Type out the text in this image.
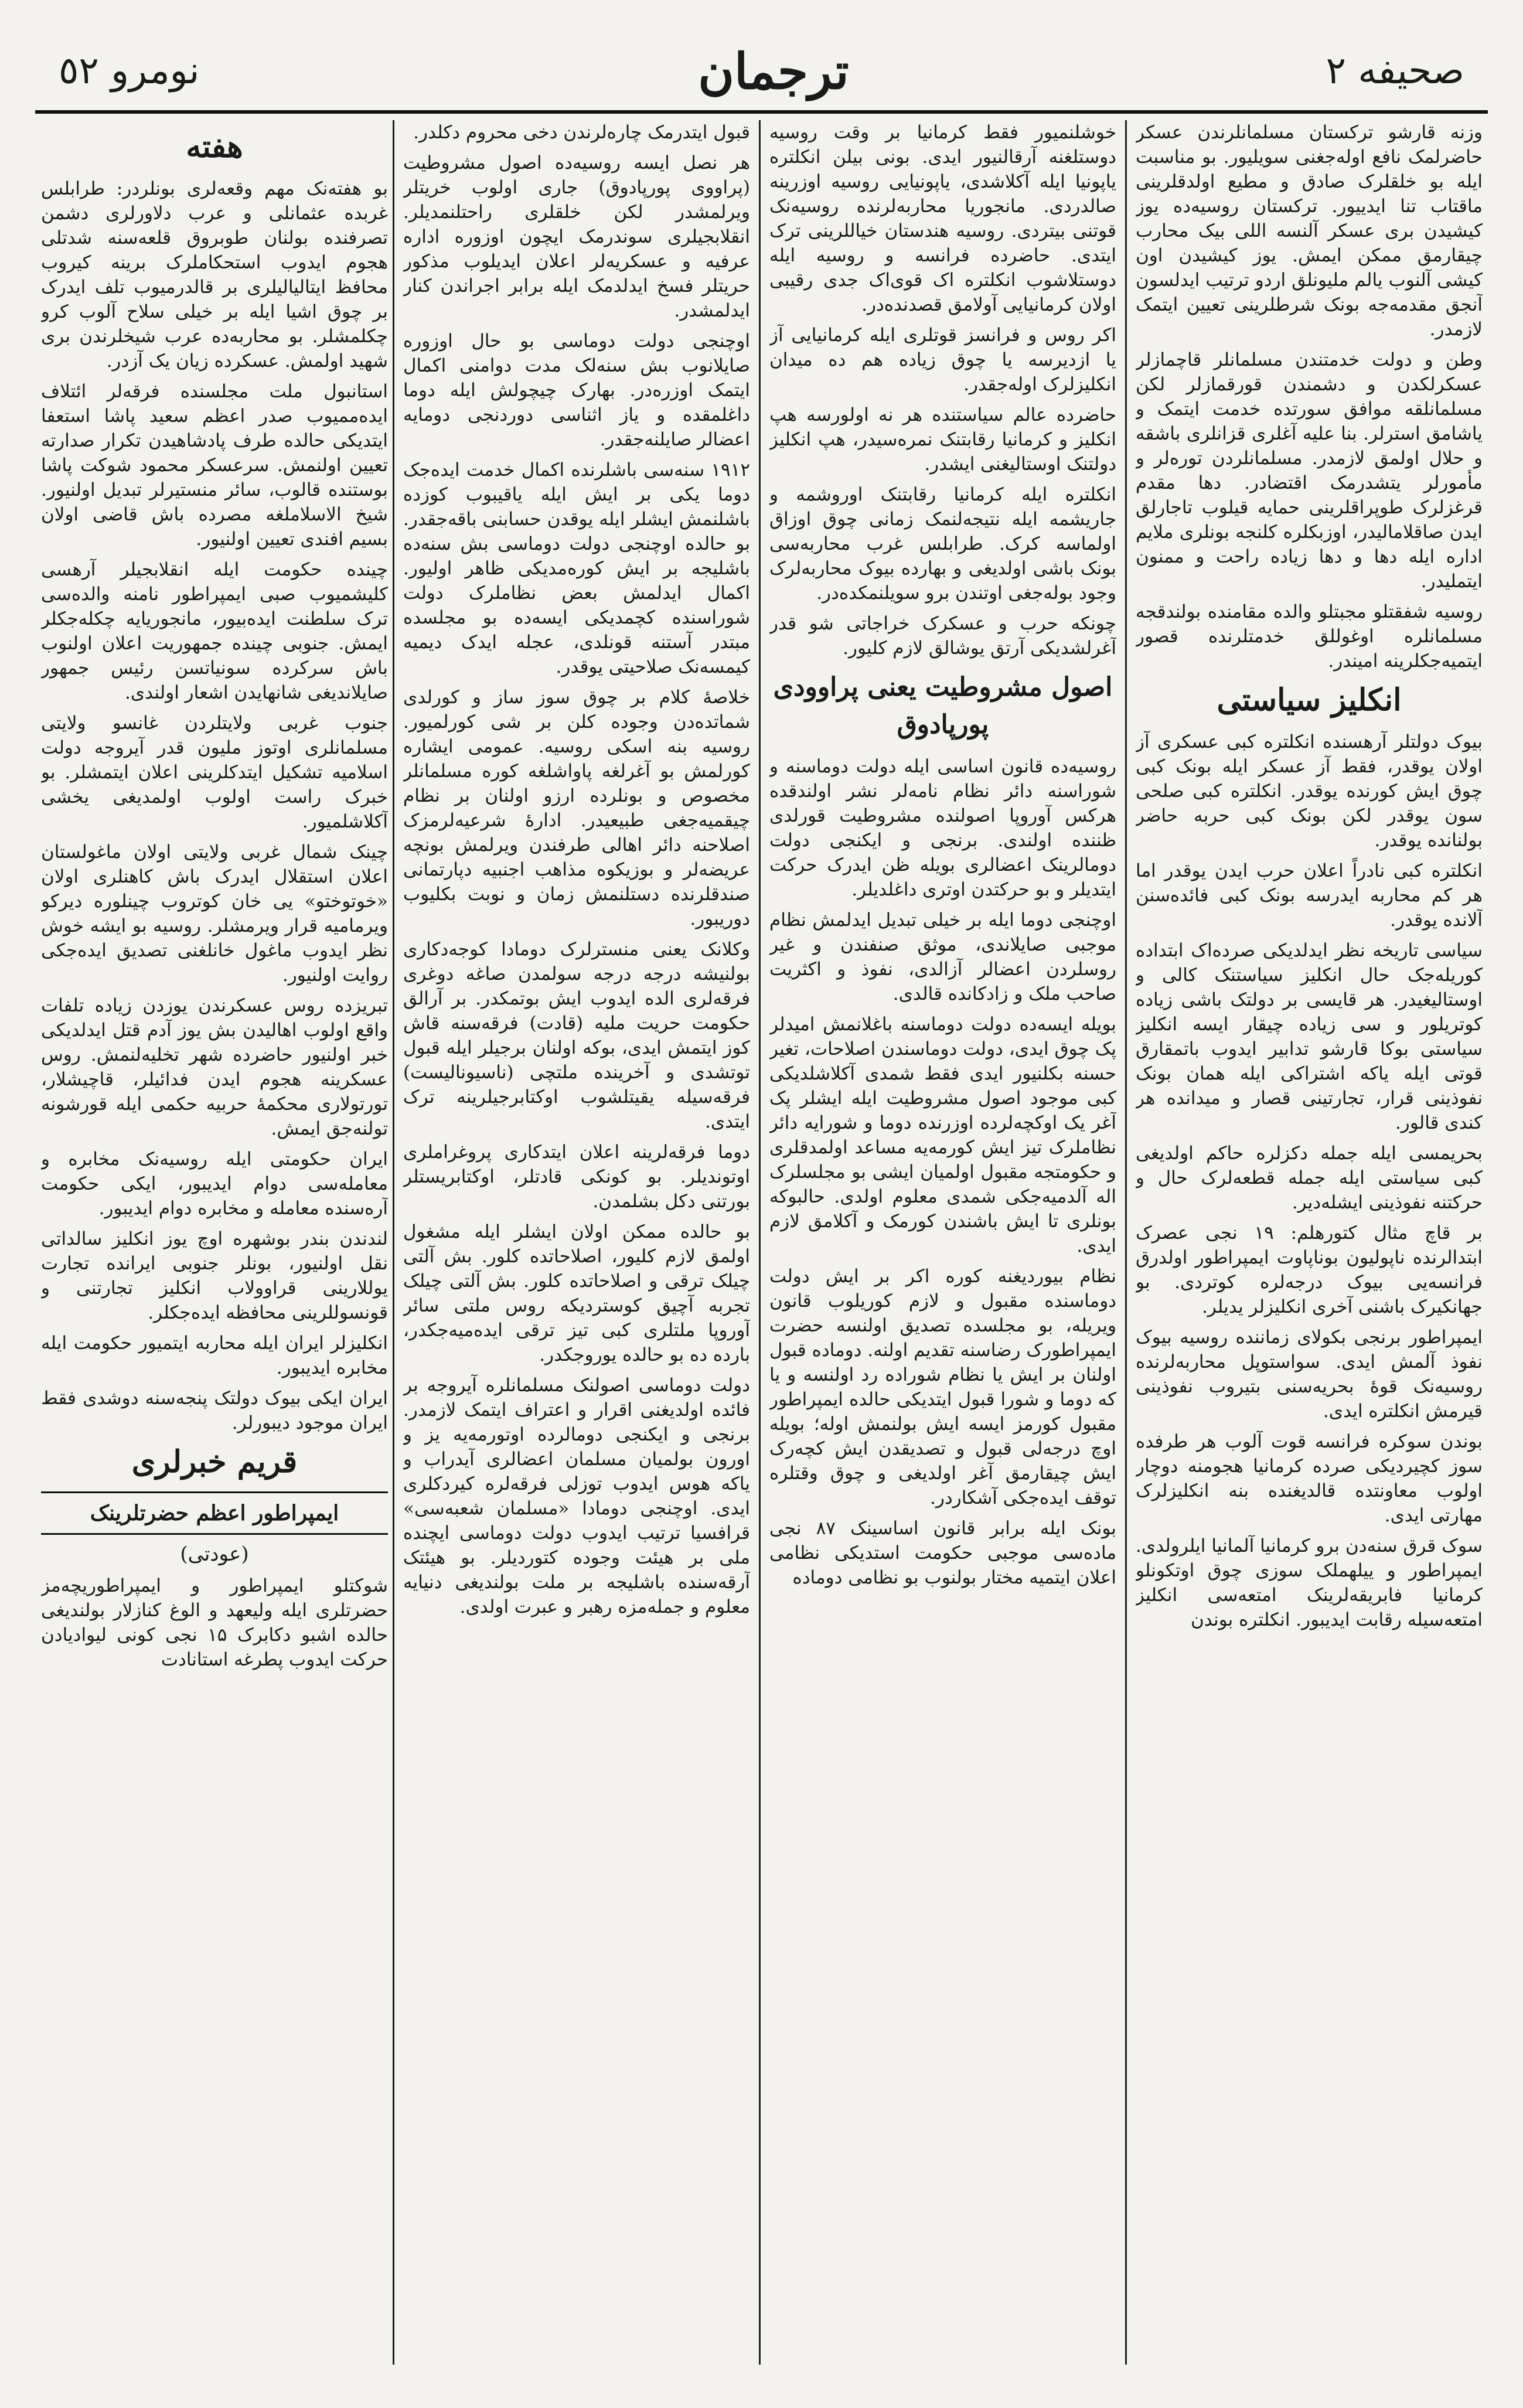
نومرو ٥٢	ترجمان	صحیفه ۲

وزنه قارشو ترکستان مسلمانلرندن عسکر حاضرلمک نافع اوله‌جغنی سویلیور. بو مناسبت ایله بو خلقلرک صادق و مطیع اولدقلرینی ماقتاب تنا ایدییور. ترکستان روسیه‌ده یوز کیشیدن بری عسکر آلنسه اللی بیک محارب چیقارمق ممکن ایمش. یوز کیشیدن اون کیشی آلنوب یالم ملیونلق اردو ترتیب ایدلسون آنجق مقدمه‌جه بونک شرطلرینی تعیین ایتمک لازمدر.

وطن و دولت خدمتندن مسلمانلر قاچمازلر عسکرلکدن و دشمندن قورقمازلر لکن مسلمانلقه موافق سورتده خدمت ایتمک و یاشامق استرلر. بنا علیه آغلری قزانلری باشقه و حلال اولمق لازمدر. مسلمانلردن توره‌لر و مأمورلر یتشدرمک اقتضادر. دها مقدم قرغزلرک طوپراقلرینی حمایه قیلوب تاجارلق ایدن صاقلامالیدر، اوزبکلره کلنجه بونلری ملایم اداره ایله دها و دها زیاده راحت و ممنون ایتملیدر.

روسیه شفقتلو مجبتلو والده مقامنده بولندقجه مسلمانلره اوغوللق خدمتلرنده قصور ایتمیه‌جکلرینه امیندر.

انکلیز سیاستی

بیوک دولتلر آرهسنده انکلتره کبی عسکری آز اولان یوقدر، فقط آز عسکر ایله بونک کبی چوق ایش کورنده یوقدر. انکلتره کبی صلحی سون یوقدر لکن بونک کبی حربه حاضر بولنانده یوقدر.

انکلتره کبی نادراً اعلان حرب ایدن یوقدر اما هر کم محاربه ایدرسه بونک کبی فائده‌سنن آلانده یوقدر.

سیاسی تاریخه نظر ایدلدیکی صرده‌اک ابتداده کوریله‌جک حال انکلیز سیاستنک کالی و اوستالیغیدر. هر قایسی بر دولتک باشی زیاده کوتریلور و سی زیاده چیقار ایسه انکلیز سیاستی بوکا قارشو تدابیر ایدوب باتمقارق قوتی ایله یاکه اشتراکی ایله همان بونک نفوذینی قرار، تجارتینی قصار و میدانده هر کندی قالور.

بحریمسی ایله جمله دکزلره حاکم اولدیغی کبی سیاستی ایله جمله قطعه‌لرک حال و حرکتنه نفوذینی ایشله‌دیر.

بر قاچ مثال کتورهلم: ۱۹ نجی عصرک ابتدالرنده ناپولیون بوناپاوت ایمپراطور اولدرق فرانسه‌یی بیوک درجه‌لره کوتردی. بو جهانکیرک باشنی آخری انکلیزلر یدیلر.

ایمپراطور برنجی بکولای زماننده روسیه بیوک نفوذ آلمش ایدی. سواستوپل محاربه‌لرنده روسیه‌نک قوۀ بحریه‌سنی بتیروب نفوذینی قیرمش انکلتره ایدی.

بوندن سوکره فرانسه قوت آلوب هر طرفده سوز کچیردیکی صرده کرمانیا هجومنه دوچار اولوب معاونتده قالدیغنده بنه انکلیزلرک مهارتی ایدی.

سوک قرق سنه‌دن برو کرمانیا آلمانیا ایلرولدی. ایمپراطور و ییلهملک سوزی چوق اوتکونلو کرمانیا فابریقه‌لرینک امتعه‌سی انکلیز امتعه‌سیله رقابت ایدیبور. انکلتره بوندن

خوشلنمیور فقط کرمانیا بر وقت روسیه دوستلغنه آرقالنیور ایدی. بونی بیلن انکلتره یاپونیا ایله آکلاشدی، یاپونیایی روسیه اوزرینه صالدردی. مانجوریا محاربه‌لرنده روسیه‌نک قوتنی بیتردی. روسیه هندستان خیاللرینی ترک ایتدی. حاضرده فرانسه و روسیه ایله دوستلاشوب انکلتره‌ اک قوی‌اک جدی رقیبی اولان کرمانیایی آولامق قصدنده‌در.

اکر روس و فرانسز قوتلری ایله کرمانیایی آز یا ازدیرسه یا چوق زیاده هم ده میدان انکلیزلرک اوله‌جقدر.

حاضرده عالم سیاستنده هر نه اولورسه هپ انکلیز و کرمانیا رقابتنک نمره‌سیدر، هپ انکلیز دولتنک اوستالیغنی ایشدر.

انکلتره ایله کرمانیا رقابتنک اوروشمه و جاریشمه ایله نتیجه‌لنمک زمانی چوق اوزاق اولماسه کرک. طرابلس غرب محاربه‌سی بونک باشی اولدیغی و بهارده بیوک محاربه‌لرک وجود بوله‌جغی اوتندن برو سویلنمکده‌در.

چونکه حرب و عسکرک خراجاتی شو قدر آغرلشدیکی آرتق یوشالق لازم کلیور.

اصول مشروطیت یعنی پراوودی پورپادوق

روسیه‌ده قانون اساسی ایله دولت دوماسنه و شوراسنه دائر نظام نامه‌لر نشر اولندقده هرکس آوروپا اصولنده مشروطیت قورلدی ظننده اولندی. برنجی و ایکنجی دولت دومالرینک اعضالری بویله ظن ایدرک حرکت ایتدیلر و بو حرکتدن اوتری داغلدیلر.

اوچنجی دوما ایله بر خیلی تبدیل ایدلمش نظام موجبی صایلاندی، موثق صنفندن و غیر روسلردن اعضالر آزالدی، نفوذ و اکثریت صاحب ملک و زادکانده قالدی.

بویله ایسه‌ده دولت دوماسنه باغلانمش امیدلر پک چوق ایدی، دولت دوماسندن اصلاحات، تغیر حسنه بکلنیور ایدی فقط شمدی آکلاشلدیکی کبی موجود اصول مشروطیت ایله ایشلر پک آغر یک اوکچه‌لرده اوزرنده دوما و شورایه دائر نظاملرک تیز ایش کورمه‌یه مساعد اولمدقلری و حکومتجه مقبول اولمیان ایشی بو مجلسلرک اله آلدمیه‌جکی شمدی معلوم اولدی. حالبوکه بونلری تا ایش باشندن کورمک و آکلامق لازم ایدی.

نظام بیوردیغنه کوره اکر بر ایش دولت دوماسنده مقبول و لازم کوریلوب قانون ویریله، بو مجلسده تصدیق اولنسه حضرت ایمپراطورک رضاسنه تقدیم اولنه. دوماده قبول اولنان بر ایش یا نظام شوراده رد اولنسه و یا که دوما و شورا قبول ایتدیکی حالده ایمپراطور مقبول کورمز ایسه ایش بولنمش اوله؛ بویله اوچ درجه‌لی قبول و تصدیقدن ایش کچه‌رک ایش چیقارمق آغر اولدیغی و چوق وقتلره توقف ایده‌جکی آشکاردر.

بونک ایله برابر قانون اساسینک ۸۷ نجی ماده‌سی موجبی حکومت استدیکی نظامی اعلان ایتمیه مختار بولنوب بو نظامی دوماده

قبول ایتدرمک چاره‌لرندن دخی محروم دکلدر.

هر نصل ایسه روسیه‌ده اصول مشروطیت (پراووی پورپادوق) جاری اولوب خریتلر ویرلمشدر لکن خلقلری راحتلنمدیلر. انقلابجیلری سوندرمک ایچون اوزوره اداره عرفیه و عسکریه‌لر اعلان ایدیلوب مذکور حریتلر فسخ ایدلدمک ایله برابر اجراندن کنار ایدلمشدر.

اوچنجی دولت دوماسی بو حال اوزوره صایلانوب بش سنه‌لک مدت دوامنی اکمال ایتمک اوزره‌در. بهارک چیچولش ایله دوما داغلمقده و یاز اثناسی دوردنجی دومایه اعضالر صایلنه‌جقدر.

۱۹۱۲ سنه‌سی باشلرنده اکمال خدمت ایده‌جک دوما یکی بر ایش ایله یاقیبوب کوزده باشلنمش ایشلر ایله یوقدن حسابنی باقه‌جقدر. بو حالده اوچنجی دولت دوماسی بش سنه‌ده باشلیجه بر ایش کوره‌مدیکی ظاهر اولیور. اکمال ایدلمش بعض نظاملرک دولت شوراسنده کچمدیکی ایسه‌ده بو مجلسده مبتدر آستنه قونلدی، عجله ایدک دیمیه کیمسه‌نک صلاحیتی یوقدر.

خلاصۀ کلام بر چوق سوز ساز و کورلدی شماتده‌دن وجوده کلن بر شی کورلمیور. روسیه بنه اسکی روسیه. عمومی ایشاره کورلمش بو آغرلغه پاواشلغه کوره مسلمانلر مخصوص و بونلرده ارزو اولنان بر نظام چیقمیه‌جغی طبیعیدر. ادارۀ شرعیه‌لرمزک اصلاحنه دائر اهالی طرفندن ویرلمش بونچه عریضه‌لر و بوزیکوه مذاهب اجنبیه دپارتمانی صندقلرنده دستلنمش زمان و نوبت بکلیوب دوریبور.

وکلانک یعنی منسترلرک دومادا کوجه‌دکاری بولنیشه درجه درجه سولمدن صاغه دوغری فرقه‌لری الده ایدوب ایش بوتمکدر. بر آرالق حکومت حریت ملیه (قادت) فرقه‌سنه قاش کوز ایتمش ایدی، بوکه اولنان برجیلر ایله قبول توتشدی و آخرینده ملتچی (ناسیونالیست) فرقه‌سیله یقیتلشوب اوکتابرجیلرینه ترک ایتدی.

دوما فرقه‌لرینه اعلان ایتدکاری پروغراملری اوتوندیلر. بو کونکی قادتلر، اوکتابریستلر بورتنی دکل بشلمدن.

بو حالده ممکن اولان ایشلر ایله مشغول اولمق لازم کلیور، اصلاحاتده کلور. بش آلتی چیلک ترقی و اصلاحاتده کلور. بش آلتی چیلک تجربه آچیق کوستردیکه روس ملتی سائر آوروپا ملتلری کبی تیز ترقی ایده‌میه‌جکدر، بارده ده بو حالده یوروجکدر.

دولت دوماسی اصولنک مسلمانلره آیروجه بر فائده اولدیغنی اقرار و اعتراف ایتمک لازمدر. برنجی و ایکنجی دومالرده اوتورمه‌یه یز و اورون بولمیان مسلمان اعضالری آیدراب و یاکه هوس ایدوب توزلی فرقه‌لره کیردکلری ایدی. اوچنجی دومادا «مسلمان شعبه‌سی» قرافسیا ترتیب ایدوب دولت دوماسی ایچنده ملی بر هیئت وجوده کتوردیلر. بو هیئتک آرقه‌سنده باشلیجه بر ملت بولندیغی دنیایه معلوم و جمله‌مزه رهبر و عبرت اولدی.

هفته

بو هفته‌نک مهم وقعه‌لری بونلردر: طرابلس غربده عثمانلی و عرب دلاورلری دشمن تصرفنده بولنان طوبروق قلعه‌سنه شدتلی هجوم ایدوب استحکاملرک برینه کیروب محافظ ایتالیالیلری بر قالدرمیوب تلف ایدرک بر چوق اشیا ایله بر خیلی سلاح آلوب کرو چکلمشلر. بو محاربه‌ده عرب شیخلرندن بری شهید اولمش. عسکرده زیان یک آزدر.

استانبول ملت مجلسنده فرقه‌لر ائتلاف ایده‌ممیوب صدر اعظم سعید پاشا استعفا ایتدیکی حالده طرف پادشاهیدن تکرار صدارته تعیین اولنمش. سرعسکر محمود شوکت پاشا بوستنده قالوب، سائر منستیرلر تبدیل اولنیور. شیخ الاسلاملغه مصرده باش قاضی اولان بسیم افندی تعیین اولنیور.

چینده حکومت ایله انقلابجیلر آرهسی کلیشمیوب صبی ایمپراطور نامنه والده‌سی ترک سلطنت ایده‌بیور، مانجوریایه چکله‌جکلر ایمش. جنوبی چینده جمهوریت اعلان اولنوب باش سرکرده سونیاتسن رئیس جمهور صایلاندیغی شانهایدن اشعار اولندی.

جنوب غربی ولایتلردن غانسو ولایتی مسلمانلری اوتوز ملیون قدر آیروجه دولت اسلامیه تشکیل ایتدکلرینی اعلان ایتمشلر. بو خبرک راست اولوب اولمدیغی یخشی آکلاشلمیور.

چینک شمال غربی ولایتی اولان ماغولستان اعلان استقلال ایدرک باش کاهنلری اولان «خوتوختو» یی خان کوتروب چینلوره دیرکو ویرمامیه قرار ویرمشلر. روسیه بو ایشه خوش نظر ایدوب ماغول خانلغنی تصدیق ایده‌جکی روایت اولنیور.

تبریزده روس عسکرندن یوزدن زیاده تلفات واقع اولوب اهالیدن بش یوز آدم قتل ایدلدیکی خبر اولنیور حاضرده شهر تخلیه‌لنمش. روس عسکرینه هجوم ایدن فدائیلر، قاچیشلار، تورتولاری محکمۀ حربیه حکمی ایله قورشونه تولنه‌جق ایمش.

ایران حکومتی ایله روسیه‌نک مخابره و معامله‌سی دوام ایدیبور، ایکی حکومت آره‌سنده معامله و مخابره دوام ایدیبور.

لندندن بندر بوشهره اوچ یوز انکلیز سالداتی نقل اولنیور، بونلر جنوبی ایرانده تجارت یوللارینی قراوولاب انکلیز تجارتنی و قونسوللرینی محافظه ایده‌جکلر.

انکلیزلر ایران ایله محاربه ایتمیور حکومت ایله مخابره ایدیبور.

ایران ایکی بیوک دولتک پنجه‌سنه دوشدی فقط ایران موجود دیبورلر.

قریم خبرلری
ایمپراطور اعظم حضرتلرینک
(عودتی)

شوکتلو ایمپراطور و ایمپراطوریچه‌مز حضرتلری ایله ولیعهد و الوغ کنازلار بولندیغی حالده اشبو دکابرک ۱۵ نجی کونی لیوادیادن حرکت ایدوب پطرغه استانادت
